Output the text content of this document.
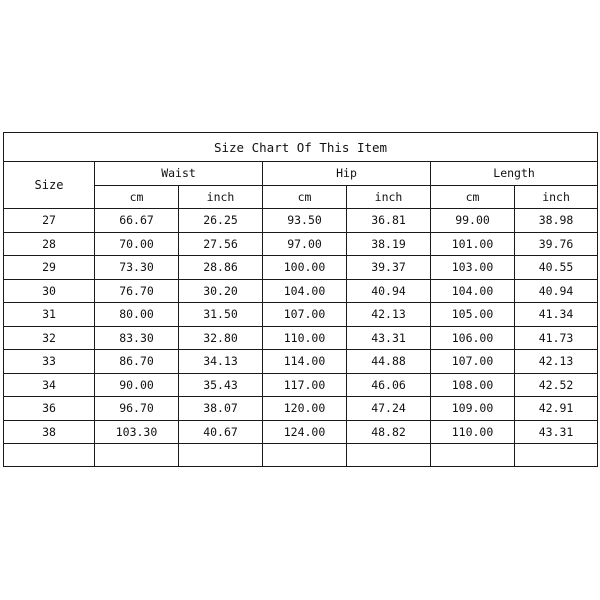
Size Chart Of This Item						
Size	Waist		Hip		Length	
	cm	inch	cm	inch	cm	inch
27	66.67	26.25	93.50	36.81	99.00	38.98
28	70.00	27.56	97.00	38.19	101.00	39.76
29	73.30	28.86	100.00	39.37	103.00	40.55
30	76.70	30.20	104.00	40.94	104.00	40.94
31	80.00	31.50	107.00	42.13	105.00	41.34
32	83.30	32.80	110.00	43.31	106.00	41.73
33	86.70	34.13	114.00	44.88	107.00	42.13
34	90.00	35.43	117.00	46.06	108.00	42.52
36	96.70	38.07	120.00	47.24	109.00	42.91
38	103.30	40.67	124.00	48.82	110.00	43.31
